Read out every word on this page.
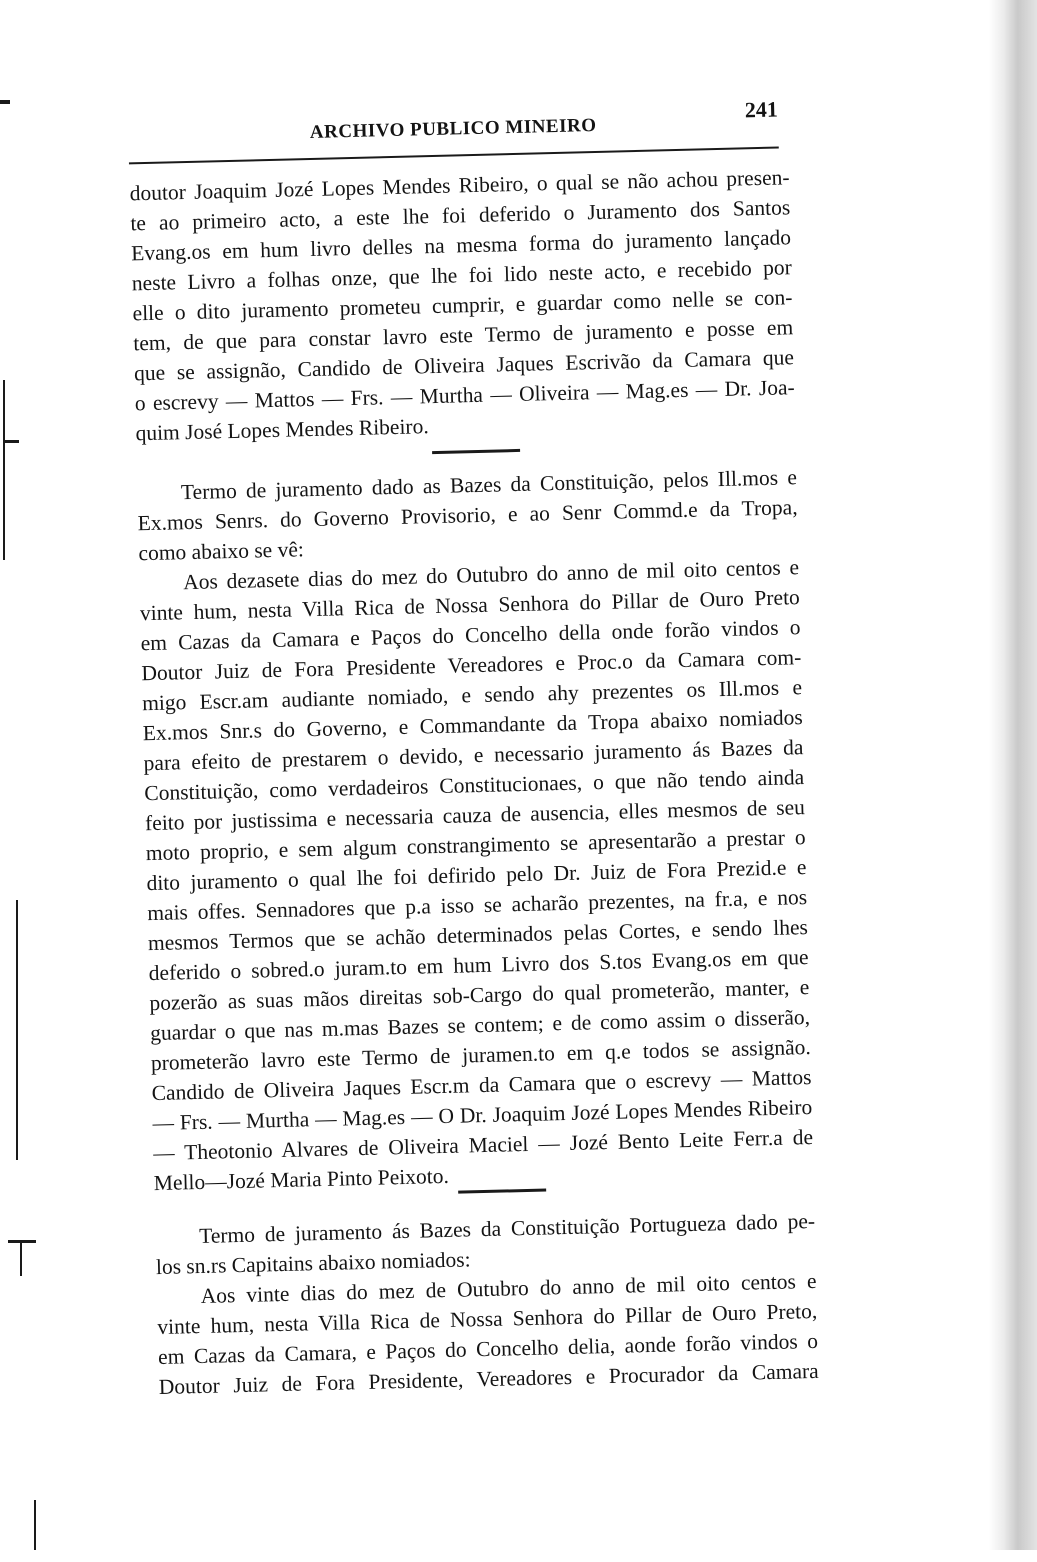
ARCHIVO PUBLICO MINEIRO
241
doutor Joaquim Jozé Lopes Mendes Ribeiro, o qual se não achou presen-
te ao primeiro acto, a este lhe foi deferido o Juramento dos Santos
Evang.os em hum livro delles na mesma forma do juramento lançado
neste Livro a folhas onze, que lhe foi lido neste acto, e recebido por
elle o dito juramento prometeu cumprir, e guardar como nelle se con-
tem, de que para constar lavro este Termo de juramento e posse em
que se assignão, Candido de Oliveira Jaques Escrivão da Camara que
o escrevy — Mattos — Frs. — Murtha — Oliveira — Mag.es — Dr. Joa-
quim José Lopes Mendes Ribeiro.
Termo de juramento dado as Bazes da Constituição, pelos Ill.mos e
Ex.mos Senrs. do Governo Provisorio, e ao Senr Commd.e da Tropa,
como abaixo se vê:
Aos dezasete dias do mez do Outubro do anno de mil oito centos e
vinte hum, nesta Villa Rica de Nossa Senhora do Pillar de Ouro Preto
em Cazas da Camara e Paços do Concelho della onde forão vindos o
Doutor Juiz de Fora Presidente Vereadores e Proc.o da Camara com-
migo Escr.am audiante nomiado, e sendo ahy prezentes os Ill.mos e
Ex.mos Snr.s do Governo, e Commandante da Tropa abaixo nomiados
para efeito de prestarem o devido, e necessario juramento ás Bazes da
Constituição, como verdadeiros Constitucionaes, o que não tendo ainda
feito por justissima e necessaria cauza de ausencia, elles mesmos de seu
moto proprio, e sem algum constrangimento se apresentarão a prestar o
dito juramento o qual lhe foi defirido pelo Dr. Juiz de Fora Prezid.e e
mais offes. Sennadores que p.a isso se acharão prezentes, na fr.a, e nos
mesmos Termos que se achão determinados pelas Cortes, e sendo lhes
deferido o sobred.o juram.to em hum Livro dos S.tos Evang.os em que
pozerão as suas mãos direitas sob-Cargo do qual prometerão, manter, e
guardar o que nas m.mas Bazes se contem; e de como assim o disserão,
prometerão lavro este Termo de juramen.to em q.e todos se assignão.
Candido de Oliveira Jaques Escr.m da Camara que o escrevy — Mattos
— Frs. — Murtha — Mag.es — O Dr. Joaquim Jozé Lopes Mendes Ribeiro
— Theotonio Alvares de Oliveira Maciel — Jozé Bento Leite Ferr.a de
Mello—Jozé Maria Pinto Peixoto.
Termo de juramento ás Bazes da Constituição Portugueza dado pe-
los sn.rs Capitains abaixo nomiados:
Aos vinte dias do mez de Outubro do anno de mil oito centos e
vinte hum, nesta Villa Rica de Nossa Senhora do Pillar de Ouro Preto,
em Cazas da Camara, e Paços do Concelho delia, aonde forão vindos o
Doutor Juiz de Fora Presidente, Vereadores e Procurador da Camara
